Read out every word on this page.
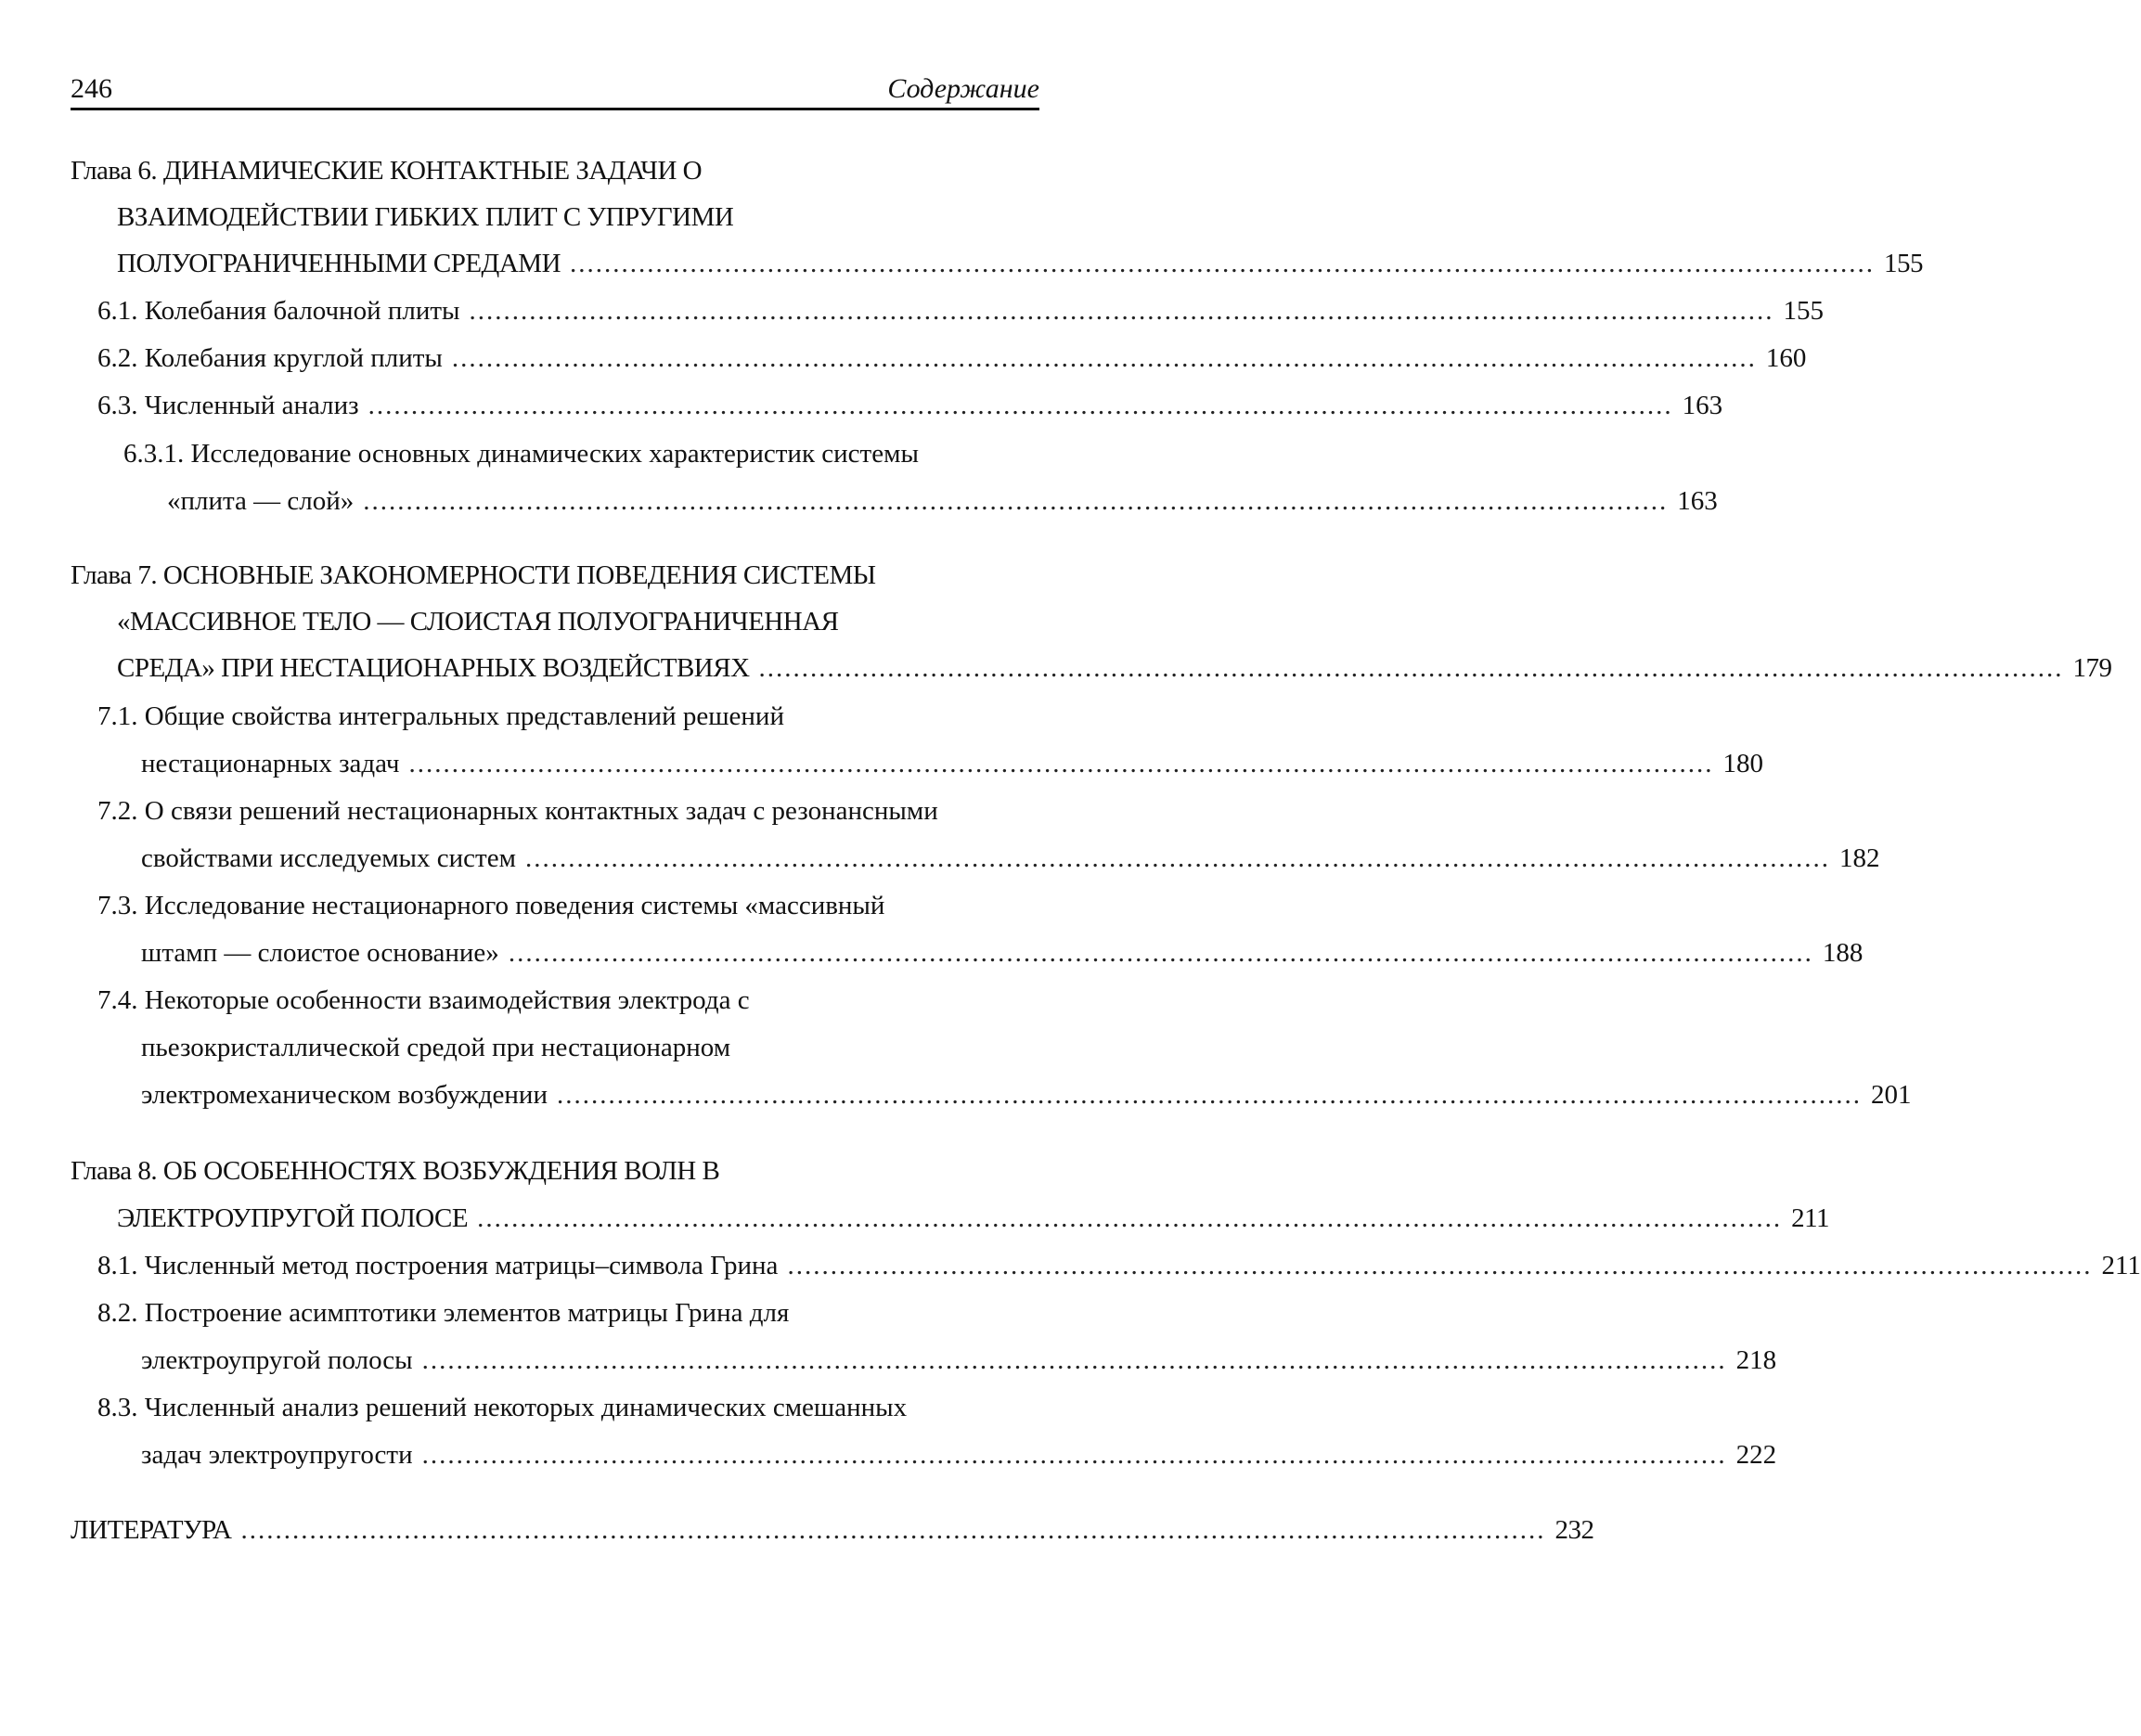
246	Содержание
Глава 6. ДИНАМИЧЕСКИЕ КОНТАКТНЫЕ ЗАДАЧИ О
ВЗАИМОДЕЙСТВИИ ГИБКИХ ПЛИТ С УПРУГИМИ
ПОЛУОГРАНИЧЕННЫМИ СРЕДАМИ ........................................................................................................................................................ 155
6.1. Колебания балочной плиты ........................................................................................................................................................ 155
6.2. Колебания круглой плиты ........................................................................................................................................................ 160
6.3. Численный анализ ........................................................................................................................................................ 163
6.3.1. Исследование основных динамических характеристик системы
«плита — слой» ........................................................................................................................................................ 163
Глава 7. ОСНОВНЫЕ ЗАКОНОМЕРНОСТИ ПОВЕДЕНИЯ СИСТЕМЫ
«МАССИВНОЕ ТЕЛО — СЛОИСТАЯ ПОЛУОГРАНИЧЕННАЯ
СРЕДА» ПРИ НЕСТАЦИОНАРНЫХ ВОЗДЕЙСТВИЯХ ........................................................................................................................................................ 179
7.1. Общие свойства интегральных представлений решений
нестационарных задач ........................................................................................................................................................ 180
7.2. О связи решений нестационарных контактных задач с резонансными
свойствами исследуемых систем ........................................................................................................................................................ 182
7.3. Исследование нестационарного поведения системы «массивный
штамп — слоистое основание» ........................................................................................................................................................ 188
7.4. Некоторые особенности взаимодействия электрода с
пьезокристаллической средой при нестационарном
электромеханическом возбуждении ........................................................................................................................................................ 201
Глава 8. ОБ ОСОБЕННОСТЯХ ВОЗБУЖДЕНИЯ ВОЛН В
ЭЛЕКТРОУПРУГОЙ ПОЛОСЕ ........................................................................................................................................................ 211
8.1. Численный метод построения матрицы–символа Грина ........................................................................................................................................................ 211
8.2. Построение асимптотики элементов матрицы Грина для
электроупругой полосы ........................................................................................................................................................ 218
8.3. Численный анализ решений некоторых динамических смешанных
задач электроупругости ........................................................................................................................................................ 222
ЛИТЕРАТУРА ........................................................................................................................................................ 232
